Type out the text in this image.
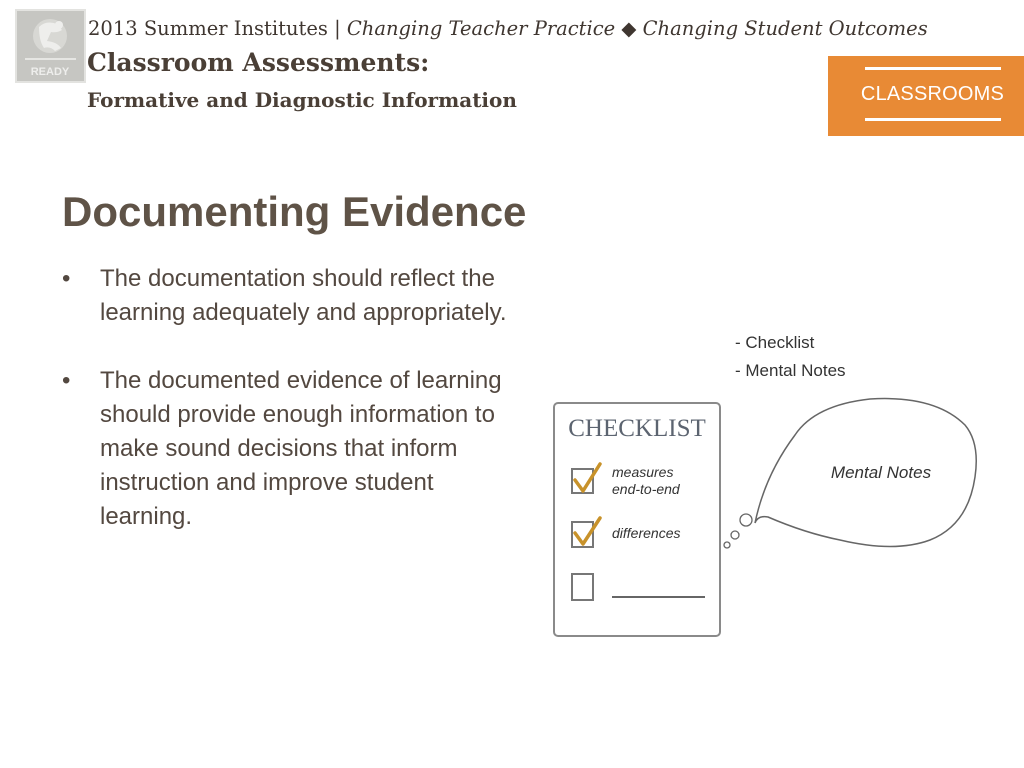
READY
2013 Summer Institutes | Changing Teacher Practice ◆ Changing Student Outcomes
Classroom Assessments:
Formative and Diagnostic Information	CLASSROOMS
Documenting Evidence
• The documentation should reflect the learning adequately and appropriately.
• The documented evidence of learning should provide enough information to make sound decisions that inform instruction and improve student learning.
- Checklist
- Mental Notes
CHECKLIST
measures
end-to-end
differences
Mental Notes
